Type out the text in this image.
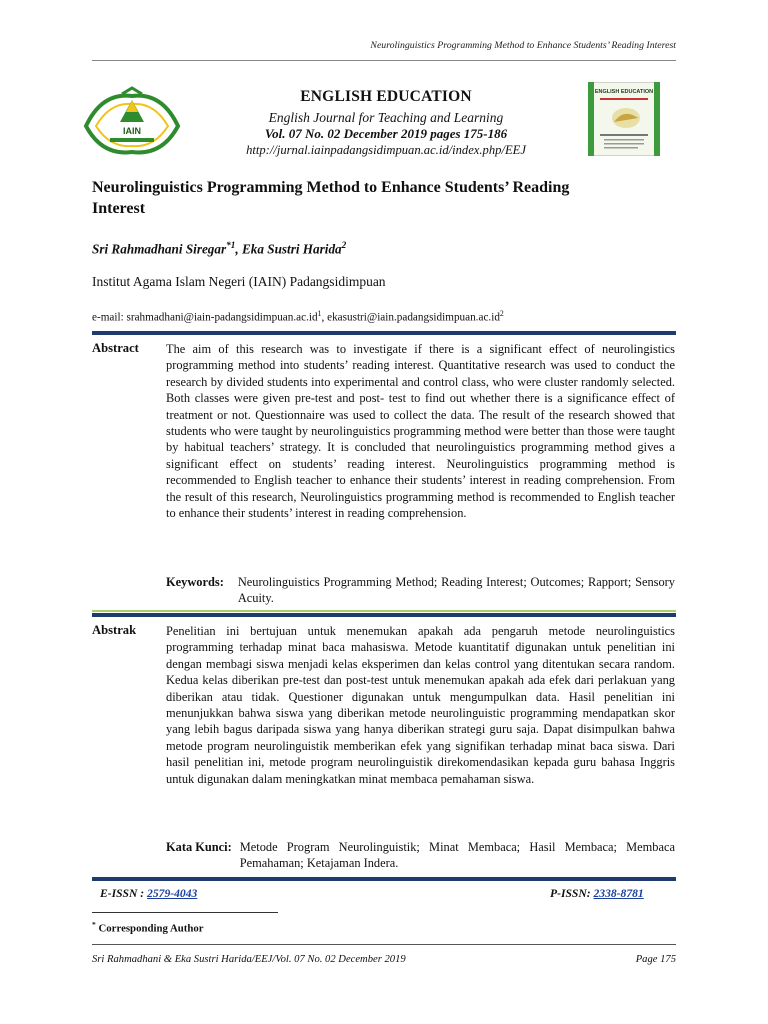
Neurolinguistics Programming Method to Enhance Students’ Reading Interest
IAIN
ENGLISH EDUCATION
English Journal for Teaching and Learning
Vol. 07 No. 02 December 2019 pages 175-186
http://jurnal.iainpadangsidimpuan.ac.id/index.php/EEJ
ENGLISH EDUCATION
Neurolinguistics Programming Method to Enhance Students’ Reading Interest
Sri Rahmadhani Siregar$^{*1}$, Eka Sustri Harida$^2$
Institut Agama Islam Negeri (IAIN) Padangsidimpuan
e-mail: $srahmadhani@iain-padangsidimpuan.ac.id^1$, $ekasustri@iain.padangsidimpuan.ac.id^2$
Abstract The aim of this research was to investigate if there is a significant effect of neurolingistics programming method into students’ reading interest. Quantitative research was used to conduct the research by divided students into experimental and control class, who were cluster randomly selected. Both classes were given pre-test and post- test to find out whether there is a significance effect of treatment or not. Questionnaire was used to collect the data. The result of the research showed that students who were taught by neurolinguistics programming method were better than those were taught by habitual teachers’ strategy. It is concluded that neurolinguistics programming method gives a significant effect on students’ reading interest. Neurolinguistics programming method is recommended to English teacher to enhance their students’ interest in reading comprehension. From the result of this research, Neurolinguistics programming method is recommended to English teacher to enhance their students’ interest in reading comprehension.
Keywords:	Neurolinguistics Programming Method; Reading Interest; Outcomes; Rapport; Sensory Acuity.
Abstrak Penelitian ini bertujuan untuk menemukan apakah ada pengaruh metode neurolinguistics programming terhadap minat baca mahasiswa. Metode kuantitatif digunakan untuk penelitian ini dengan membagi siswa menjadi kelas eksperimen dan kelas control yang ditentukan secara random. Kedua kelas diberikan pre-test dan post-test untuk menemukan apakah ada efek dari perlakuan yang diberikan atau tidak. Questioner digunakan untuk mengumpulkan data. Hasil penelitian ini menunjukkan bahwa siswa yang diberikan metode neurolinguistic programming mendapatkan skor yang lebih bagus daripada siswa yang hanya diberikan strategi guru saja. Dapat disimpulkan bahwa metode program neurolinguistik memberikan efek yang signifikan terhadap minat baca siswa. Dari hasil penelitian ini, metode program neurolinguistik direkomendasikan kepada guru bahasa Inggris untuk digunakan dalam meningkatkan minat membaca pemahaman siswa.
Kata Kunci: Metode Program Neurolinguistik; Minat Membaca; Hasil Membaca; Membaca Pemahaman; Ketajaman Indera.
E-ISSN : 2579-4043	P-ISSN: 2338-8781
* Corresponding Author
Sri Rahmadhani & Eka Sustri Harida/EEJ/Vol. 07 No. 02 December 2019	Page 175
